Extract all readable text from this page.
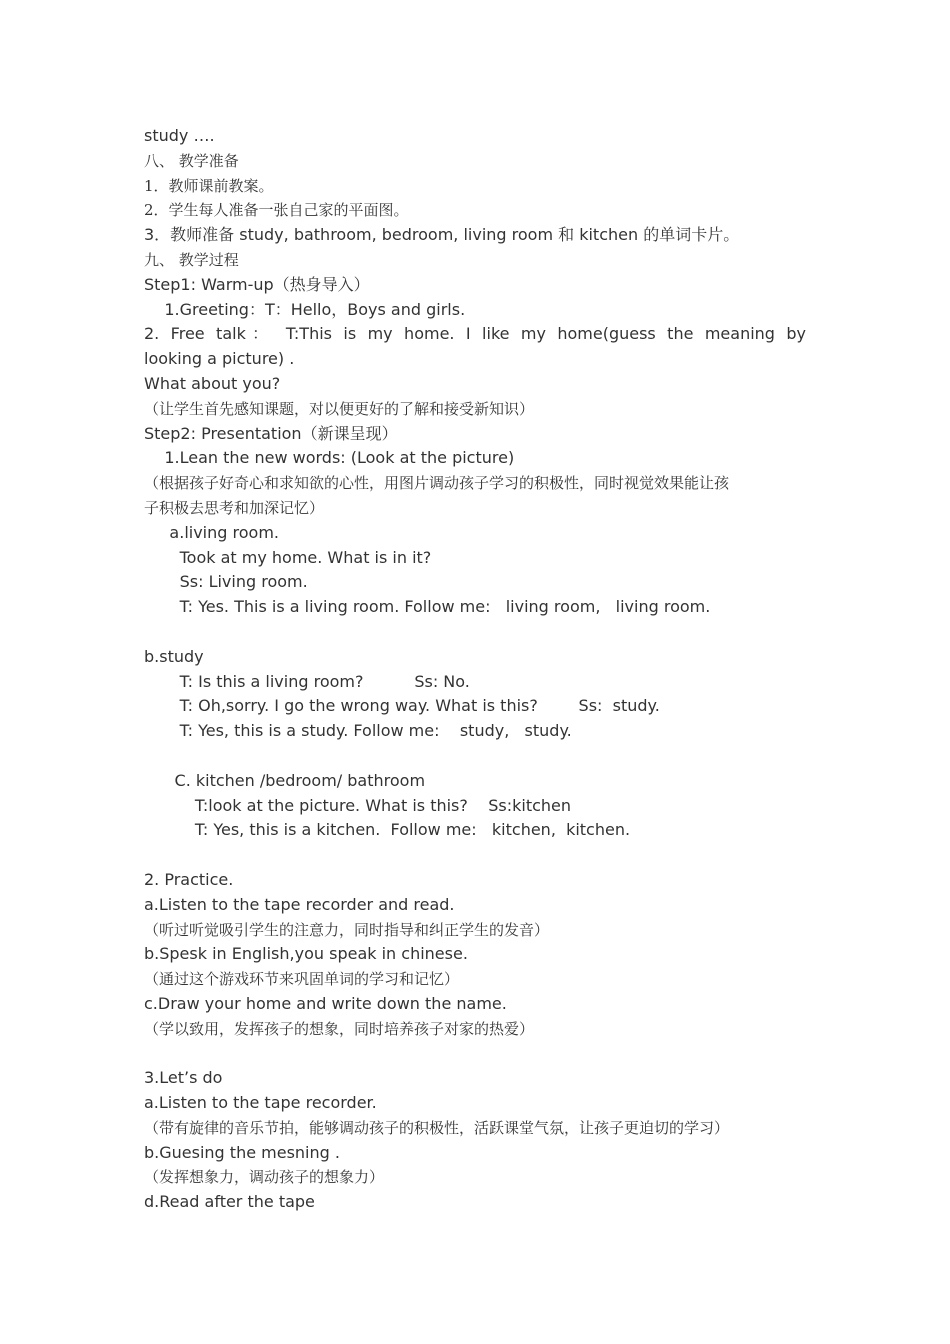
study ….
八、 教学准备
1．教师课前教案。
2．学生每人准备一张自己家的平面图。
3．教师准备 study, bathroom, bedroom, living room 和 kitchen 的单词卡片。
九、 教学过程
Step1: Warm-up（热身导入）
1.Greeting：T：Hello，Boys and girls.
2. Free talk： T:This is my home. I like my home(guess the meaning by
looking a picture) .
What about you?
（让学生首先感知课题，对以便更好的了解和接受新知识）
Step2: Presentation（新课呈现）
1.Lean the new words: (Look at the picture)
（根据孩子好奇心和求知欲的心性，用图片调动孩子学习的积极性，同时视觉效果能让孩
子积极去思考和加深记忆）
a.living room.
Took at my home. What is in it?
Ss: Living room.
T: Yes. This is a living room. Follow me:   living room,   living room.
b.study
T: Is this a living room?          Ss: No.
T: Oh,sorry. I go the wrong way. What is this?        Ss:  study.
T: Yes, this is a study. Follow me:    study,   study.
C. kitchen /bedroom/ bathroom
T:look at the picture. What is this?    Ss:kitchen
T: Yes, this is a kitchen.  Follow me:   kitchen,  kitchen.
2. Practice.
a.Listen to the tape recorder and read.
（听过听觉吸引学生的注意力，同时指导和纠正学生的发音）
b.Spesk in English,you speak in chinese.
（通过这个游戏环节来巩固单词的学习和记忆）
c.Draw your home and write down the name.
（学以致用，发挥孩子的想象，同时培养孩子对家的热爱）
3.Let’s do
a.Listen to the tape recorder.
（带有旋律的音乐节拍，能够调动孩子的积极性，活跃课堂气氛，让孩子更迫切的学习）
b.Guesing the mesning .
（发挥想象力，调动孩子的想象力）
d.Read after the tape
